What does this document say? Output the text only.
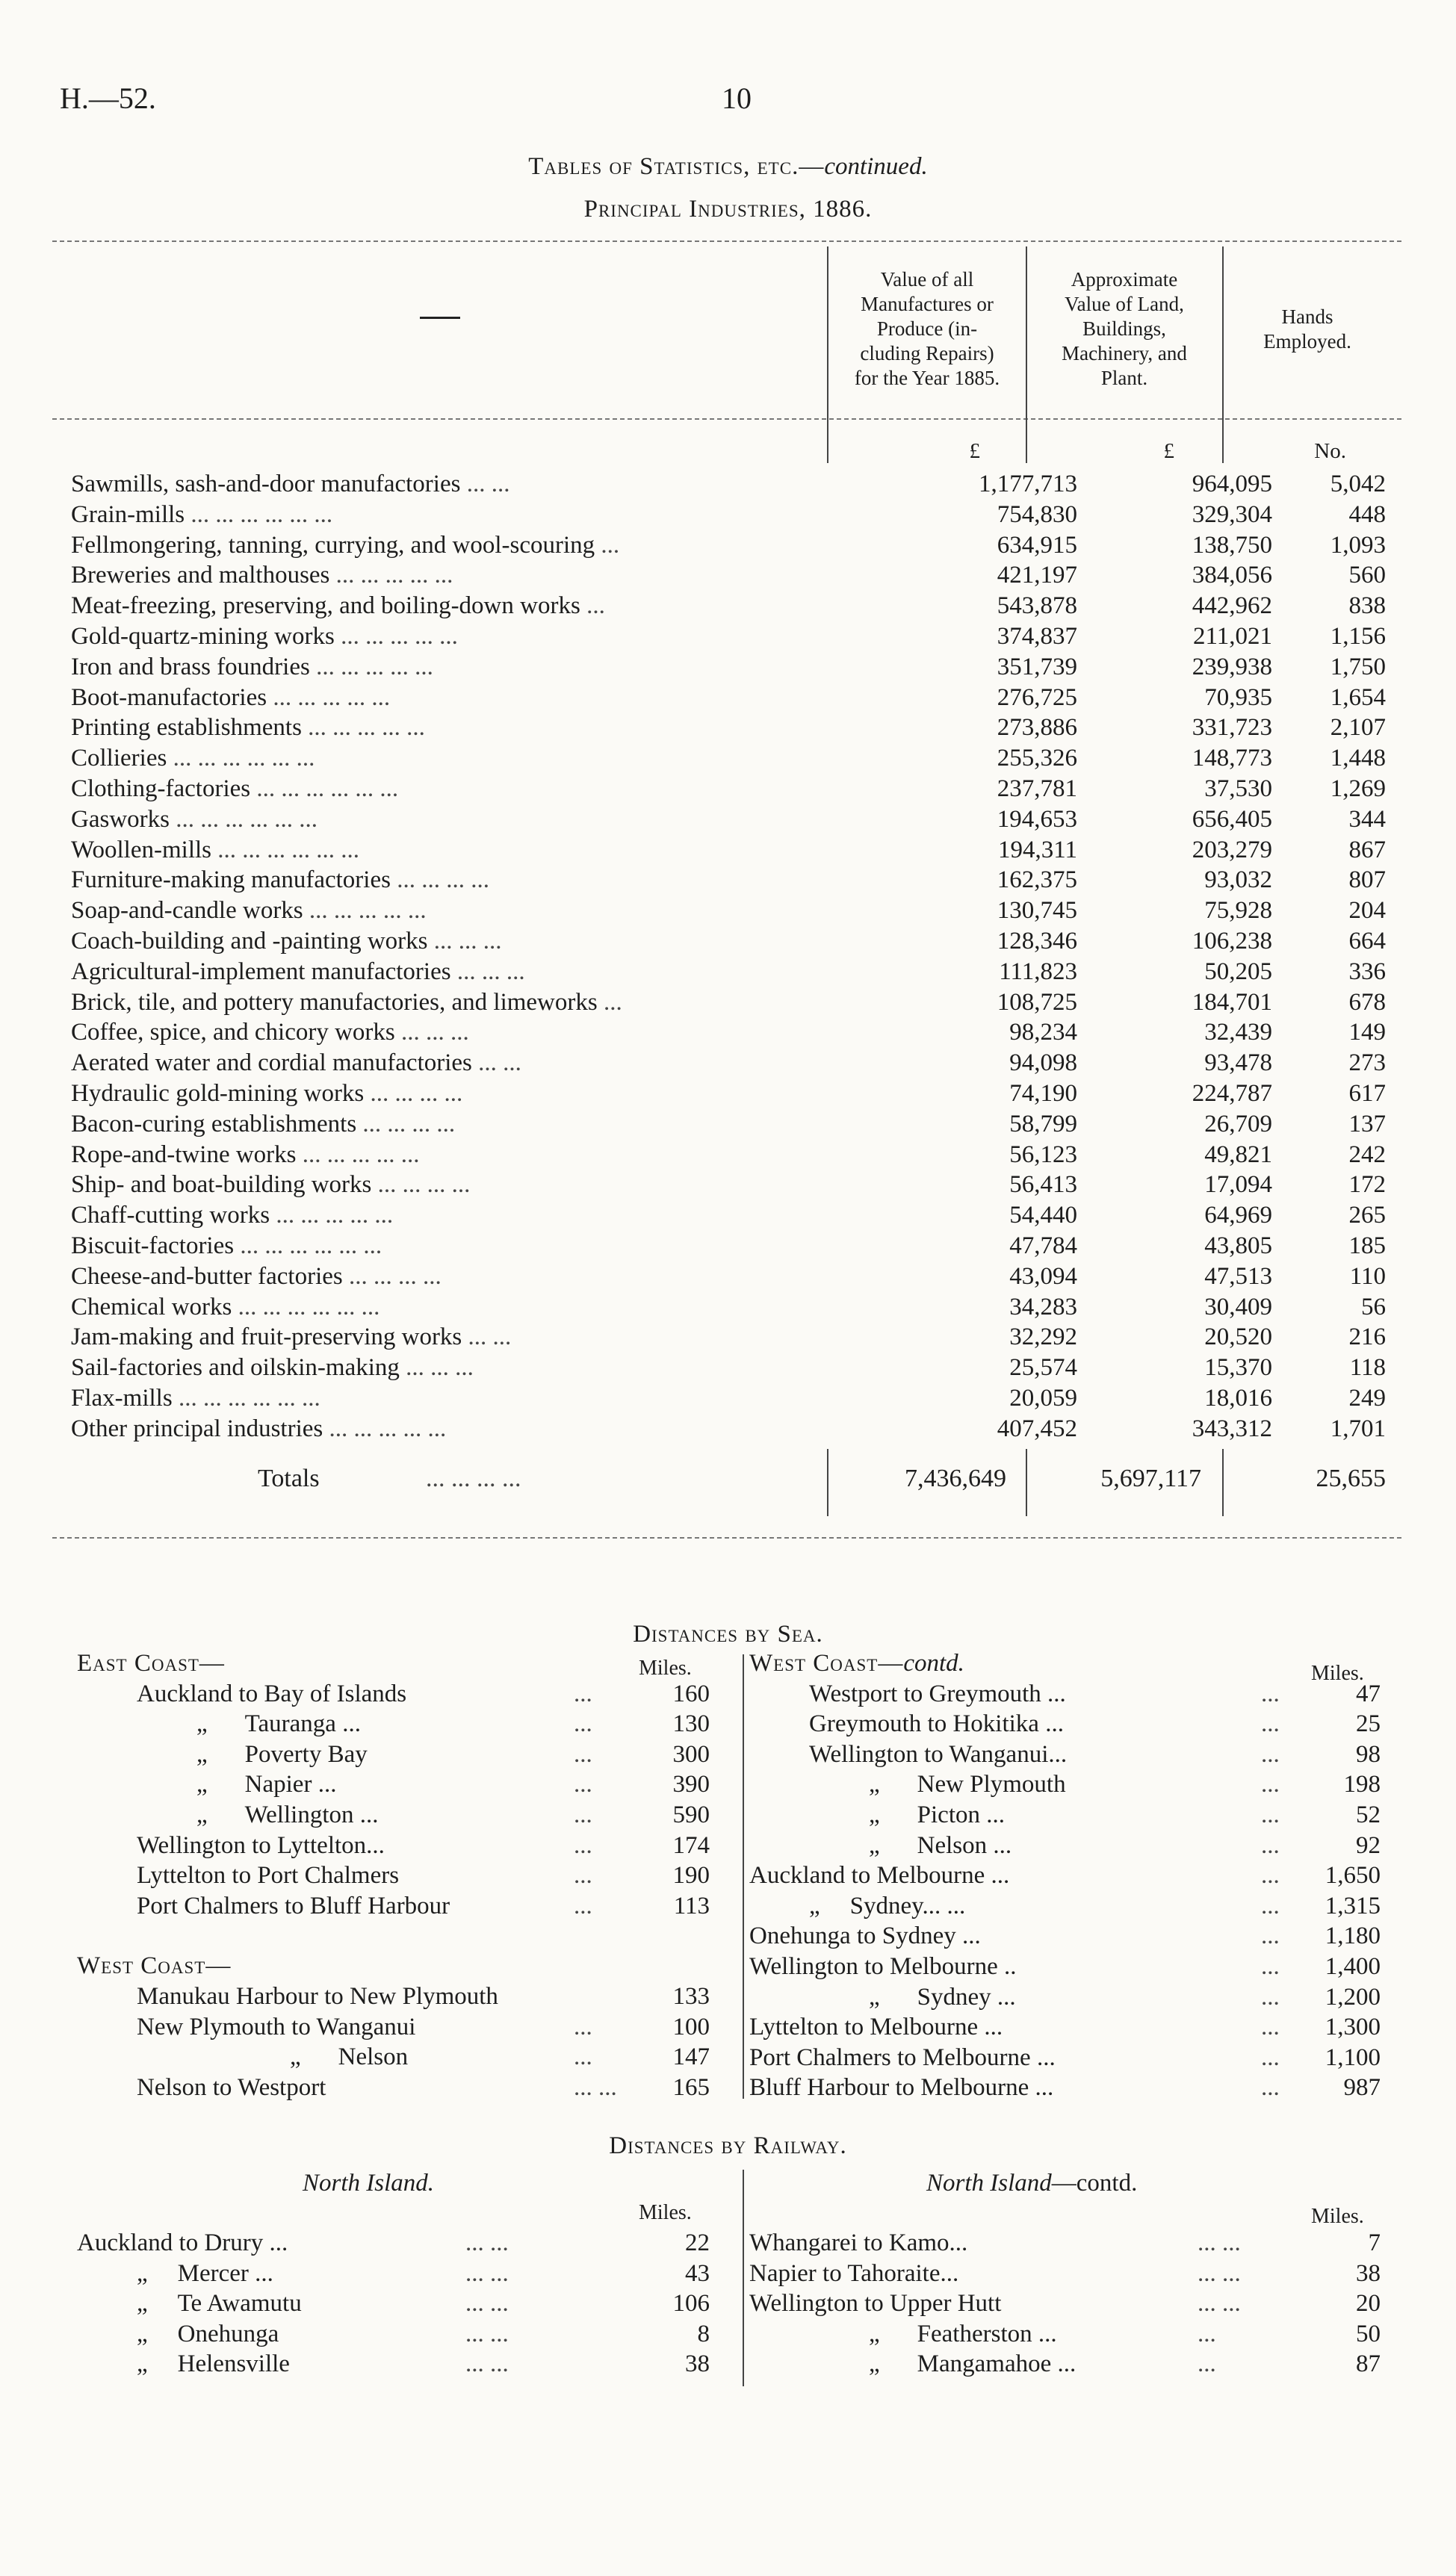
H.—52.	10
Tables of Statistics, etc.—continued.
Principal Industries, 1886.
Value of all
Manufactures or
Produce (in-
cluding Repairs)
for the Year 1885.
Approximate
Value of Land,
Buildings,
Machinery, and
Plant.
Hands
Employed.
£	£	No.
Sawmills, sash-and-door manufactories ... ...	1,177,713	964,095	5,042
Grain-mills ... ... ... ... ... ...	754,830	329,304	448
Fellmongering, tanning, currying, and wool-scouring ...	634,915	138,750	1,093
Breweries and malthouses ... ... ... ... ...	421,197	384,056	560
Meat-freezing, preserving, and boiling-down works ...	543,878	442,962	838
Gold-quartz-mining works ... ... ... ... ...	374,837	211,021	1,156
Iron and brass foundries ... ... ... ... ...	351,739	239,938	1,750
Boot-manufactories ... ... ... ... ...	276,725	70,935	1,654
Printing establishments ... ... ... ... ...	273,886	331,723	2,107
Collieries ... ... ... ... ... ...	255,326	148,773	1,448
Clothing-factories ... ... ... ... ... ...	237,781	37,530	1,269
Gasworks ... ... ... ... ... ...	194,653	656,405	344
Woollen-mills ... ... ... ... ... ...	194,311	203,279	867
Furniture-making manufactories ... ... ... ...	162,375	93,032	807
Soap-and-candle works ... ... ... ... ...	130,745	75,928	204
Coach-building and -painting works ... ... ...	128,346	106,238	664
Agricultural-implement manufactories ... ... ...	111,823	50,205	336
Brick, tile, and pottery manufactories, and limeworks ...	108,725	184,701	678
Coffee, spice, and chicory works ... ... ...	98,234	32,439	149
Aerated water and cordial manufactories ... ...	94,098	93,478	273
Hydraulic gold-mining works ... ... ... ...	74,190	224,787	617
Bacon-curing establishments ... ... ... ...	58,799	26,709	137
Rope-and-twine works ... ... ... ... ...	56,123	49,821	242
Ship- and boat-building works ... ... ... ...	56,413	17,094	172
Chaff-cutting works ... ... ... ... ...	54,440	64,969	265
Biscuit-factories ... ... ... ... ... ...	47,784	43,805	185
Cheese-and-butter factories ... ... ... ...	43,094	47,513	110
Chemical works ... ... ... ... ... ...	34,283	30,409	56
Jam-making and fruit-preserving works ... ...	32,292	20,520	216
Sail-factories and oilskin-making ... ... ...	25,574	15,370	118
Flax-mills ... ... ... ... ... ...	20,059	18,016	249
Other principal industries ... ... ... ... ...	407,452	343,312	1,701
Totals	... ... ... ...	7,436,649	5,697,117	25,655
Distances by Sea.
Miles.	Miles.
East Coast—
Auckland to Bay of Islands	...	160
„ Tauranga ...	...	130
„ Poverty Bay	...	300
„ Napier ...	...	390
„ Wellington ...	...	590
Wellington to Lyttelton...	...	174
Lyttelton to Port Chalmers	...	190
Port Chalmers to Bluff Harbour	...	113
West Coast—
Manukau Harbour to New Plymouth	133
New Plymouth to Wanganui	...	100
„ Nelson	...	147
Nelson to Westport	... ... 165
West Coast—contd.
Westport to Greymouth ...	...	47
Greymouth to Hokitika ...	...	25
Wellington to Wanganui...	...	98
„ New Plymouth	...	198
„ Picton ...	...	52
„ Nelson ...	...	92
Auckland to Melbourne ...	... 1,650
„ Sydney... ...	... 1,315
Onehunga to Sydney ...	... 1,180
Wellington to Melbourne ..	... 1,400
„ Sydney ...	... 1,200
Lyttelton to Melbourne ...	... 1,300
Port Chalmers to Melbourne ...	... 1,100
Bluff Harbour to Melbourne ...	...	987
Distances by Railway.
North Island.	North Island—contd.
Miles.	Miles.
Auckland to Drury ...	... ...	22
„ Mercer ...	... ...	43
„ Te Awamutu	... ...	106
„ Onehunga	... ...	8
„ Helensville	... ...	38
Whangarei to Kamo...	... ...	7
Napier to Tahoraite...	... ...	38
Wellington to Upper Hutt	... ...	20
„ Featherston ...	...	50
„ Mangamahoe ...	...	87
